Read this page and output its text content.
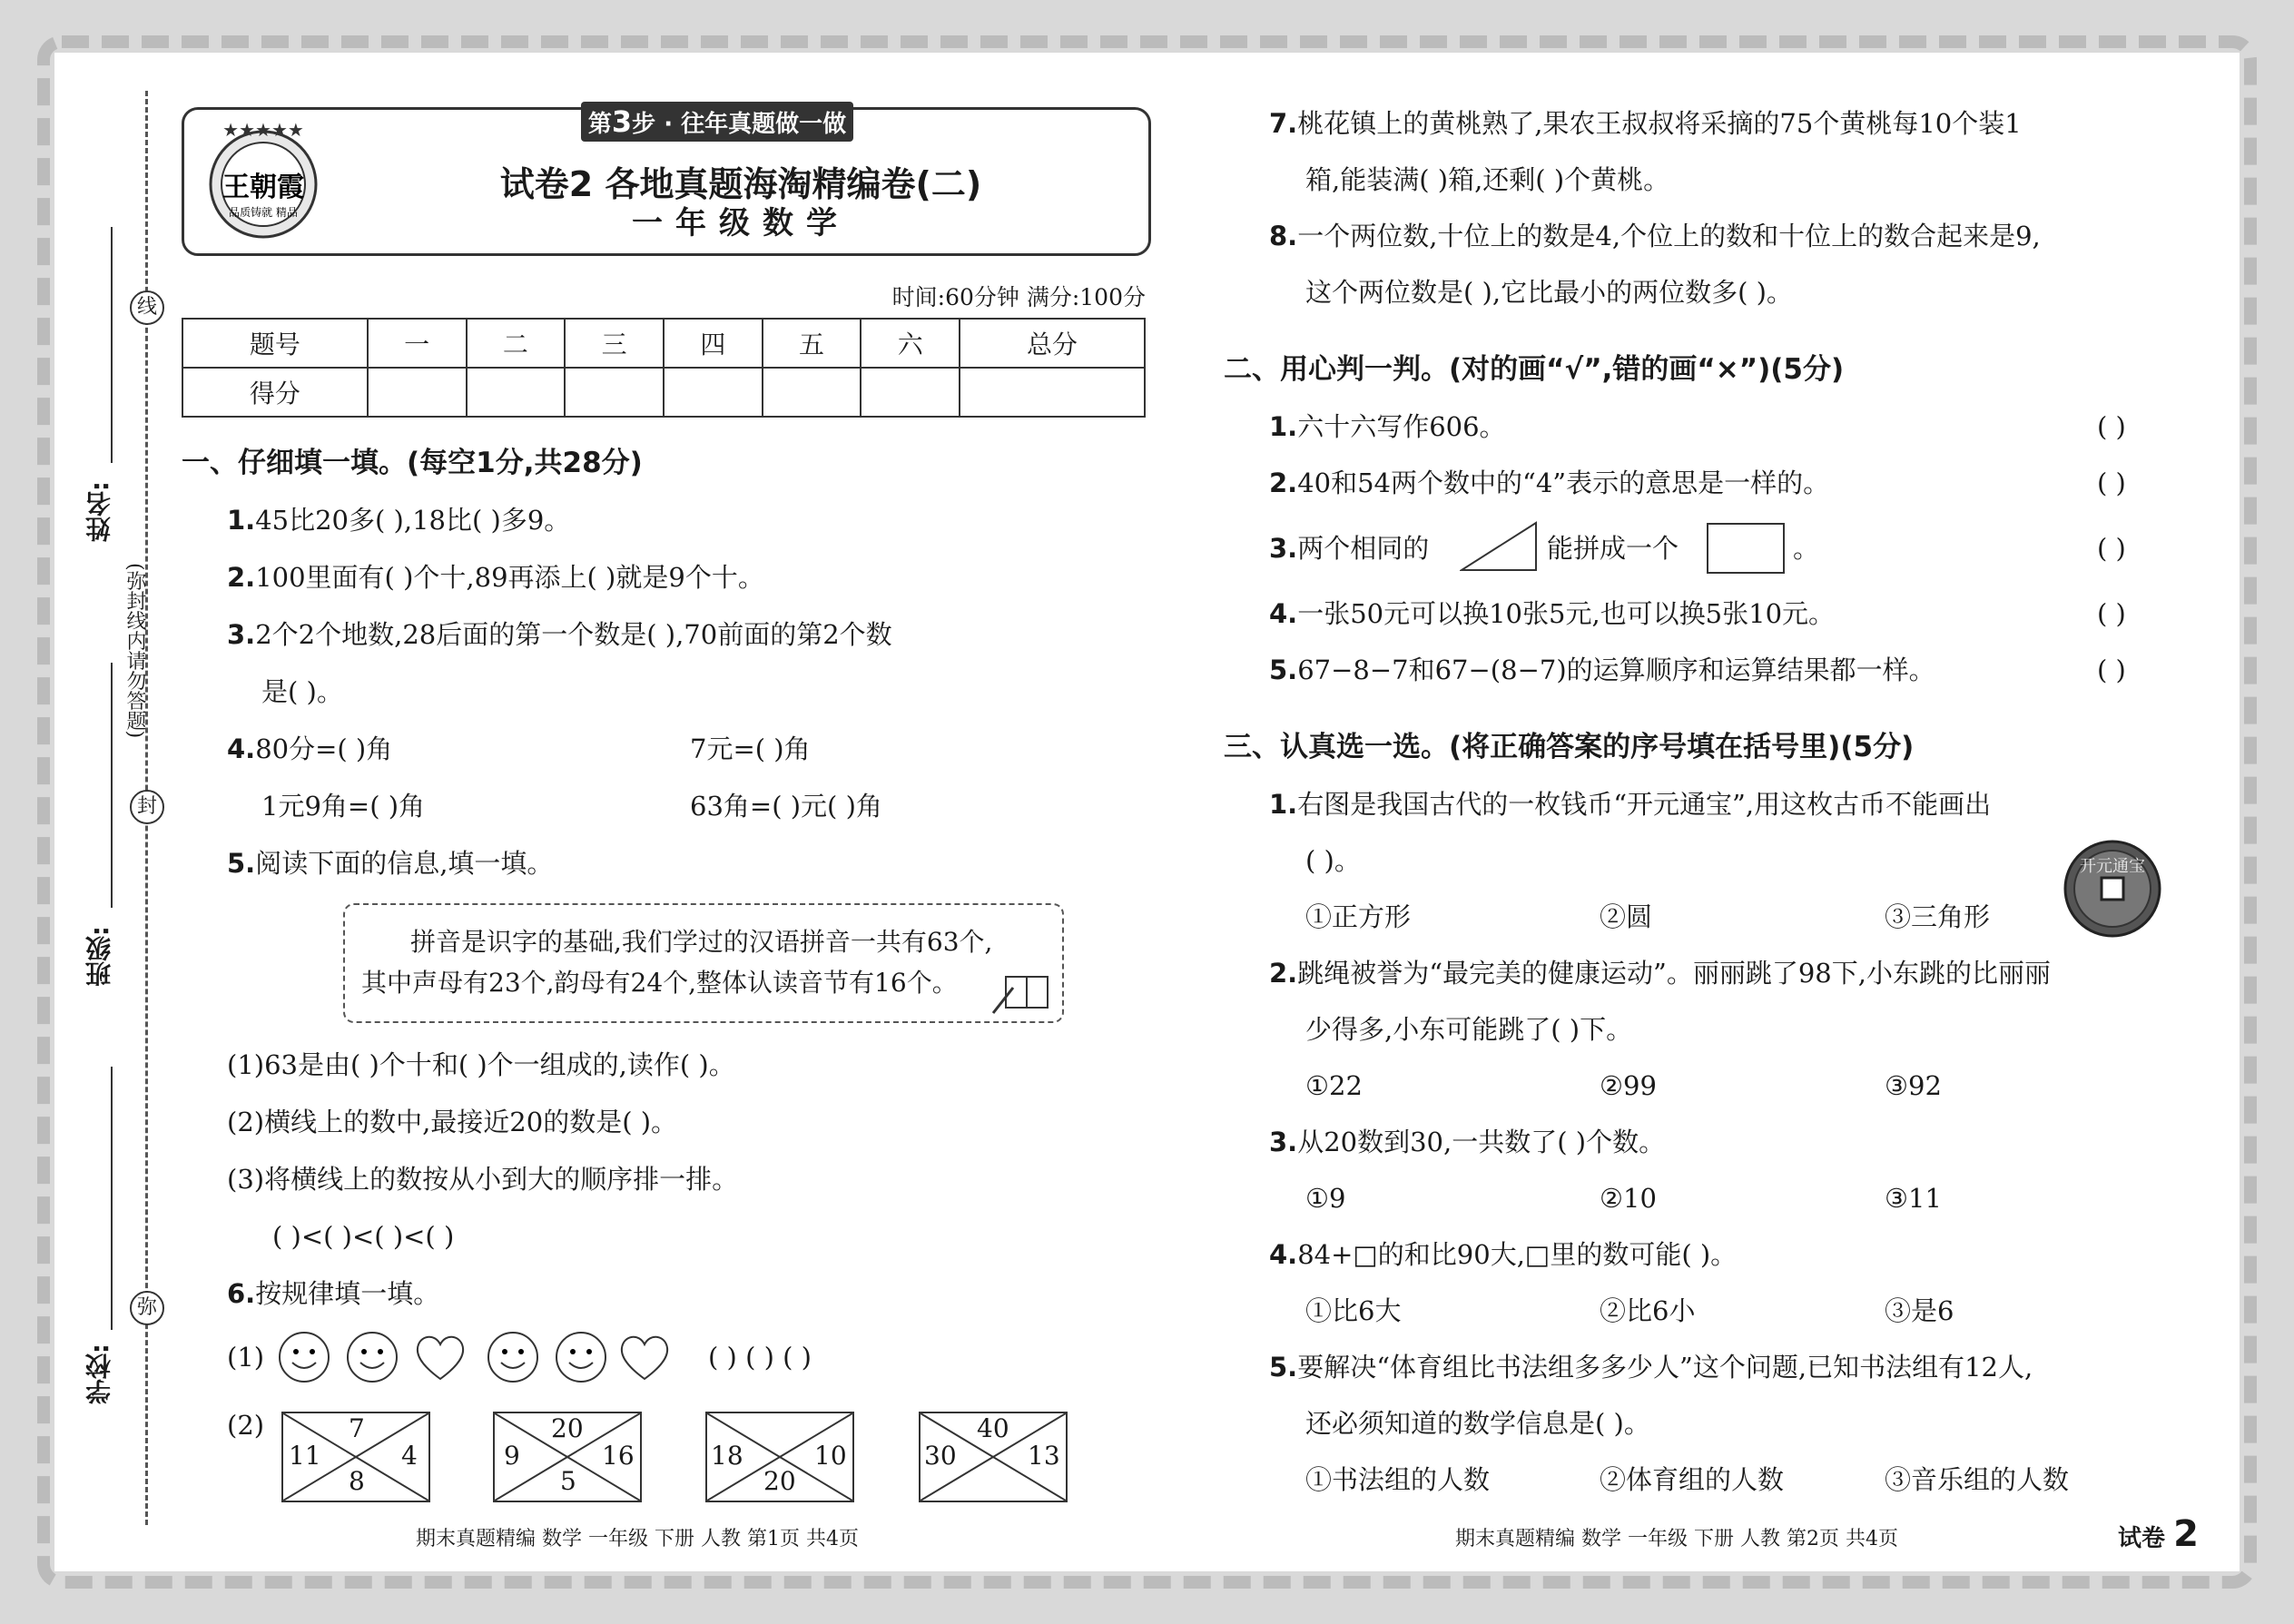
线
封
弥
姓名:
班级:
学校:
(弥封线内请勿答题)
★★★★★
王朝霞
品质铸就 精品
第3步 · 往年真题做一做
试卷2 各地真题海淘精编卷(二)
一年级数学
时间:60分钟 满分:100分
题号	一	二	三	四	五	六	总分
得分							
一、仔细填一填。(每空1分,共28分)
1.45比20多( ),18比( )多9。
2.100里面有( )个十,89再添上( )就是9个十。
3.2个2个地数,28后面的第一个数是( ),70前面的第2个数
是( )。
4.80分=( )角	7元=( )角
1元9角=( )角	63角=( )元( )角
5.阅读下面的信息,填一填。
拼音是识字的基础,我们学过的汉语拼音一共有63个,
其中声母有23个,韵母有24个,整体认读音节有16个。
(1)63是由( )个十和( )个一组成的,读作( )。
(2)横线上的数中,最接近20的数是( )。
(3)将横线上的数按从小到大的顺序排一排。
( )<( )<( )<( )
6.按规律填一填。
(1)	( ) ( ) ( )
(2)	7
11	4
8
20
9	16
5
18	10
20
40
30	13
7.桃花镇上的黄桃熟了,果农王叔叔将采摘的75个黄桃每10个装1
箱,能装满( )箱,还剩( )个黄桃。
8.一个两位数,十位上的数是4,个位上的数和十位上的数合起来是9,
这个两位数是( ),它比最小的两位数多( )。
二、用心判一判。(对的画“√”,错的画“×”)(5分)
1.六十六写作606。	( )
2.40和54两个数中的“4”表示的意思是一样的。	( )
3.两个相同的	能拼成一个	。	( )
4.一张50元可以换10张5元,也可以换5张10元。	( )
5.67−8−7和67−(8−7)的运算顺序和运算结果都一样。	( )
三、认真选一选。(将正确答案的序号填在括号里)(5分)
1.右图是我国古代的一枚钱币“开元通宝”,用这枚古币不能画出
( )。
①正方形	②圆	③三角形
开元通宝
2.跳绳被誉为“最完美的健康运动”。丽丽跳了98下,小东跳的比丽丽
少得多,小东可能跳了( )下。
①22	②99	③92
3.从20数到30,一共数了( )个数。
①9	②10	③11
4.84+□的和比90大,□里的数可能( )。
①比6大	②比6小	③是6
5.要解决“体育组比书法组多多少人”这个问题,已知书法组有12人,
还必须知道的数学信息是( )。
①书法组的人数	②体育组的人数	③音乐组的人数
期末真题精编 数学 一年级 下册 人教 第1页 共4页	期末真题精编 数学 一年级 下册 人教 第2页 共4页	试卷 2
